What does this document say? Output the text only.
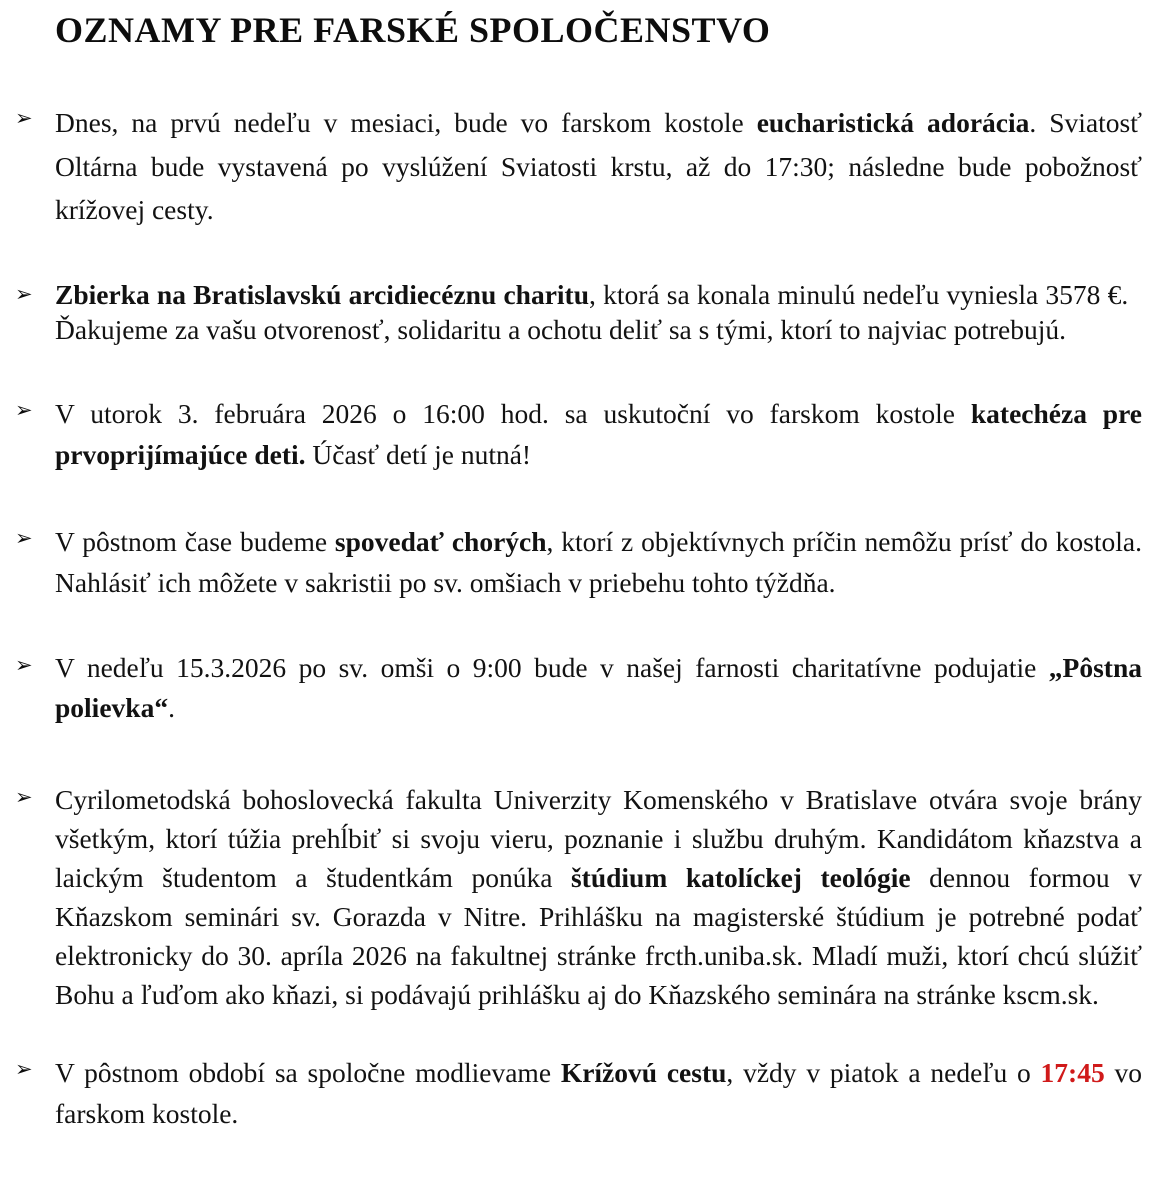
OZNAMY PRE FARSKÉ SPOLOČENSTVO
➢ Dnes, na prvú nedeľu v mesiaci, bude vo farskom kostole eucharistická adorácia. Sviatosť Oltárna bude vystavená po vyslúžení Sviatosti krstu, až do 17:30; následne bude pobožnosť krížovej cesty.
➢ Zbierka na Bratislavskú arcidiecéznu charitu, ktorá sa konala minulú nedeľu vyniesla 3578 €. Ďakujeme za vašu otvorenosť, solidaritu a ochotu deliť sa s tými, ktorí to najviac potrebujú.
➢ V utorok 3. februára 2026 o 16:00 hod. sa uskutoční vo farskom kostole katechéza pre prvoprijímajúce deti. Účasť detí je nutná!
➢ V pôstnom čase budeme spovedať chorých, ktorí z objektívnych príčin nemôžu prísť do kostola. Nahlásiť ich môžete v sakristii po sv. omšiach v priebehu tohto týždňa.
➢ V nedeľu 15.3.2026 po sv. omši o 9:00 bude v našej farnosti charitatívne podujatie „Pôstna polievka“.
➢ Cyrilometodská bohoslovecká fakulta Univerzity Komenského v Bratislave otvára svoje brány všetkým, ktorí túžia prehĺbiť si svoju vieru, poznanie i službu druhým. Kandidátom kňazstva a laickým študentom a študentkám ponúka štúdium katolíckej teológie dennou formou v Kňazskom seminári sv. Gorazda v Nitre. Prihlášku na magisterské štúdium je potrebné podať elektronicky do 30. apríla 2026 na fakultnej stránke frcth.uniba.sk. Mladí muži, ktorí chcú slúžiť Bohu a ľuďom ako kňazi, si podávajú prihlášku aj do Kňazského seminára na stránke kscm.sk.
➢ V pôstnom období sa spoločne modlievame Krížovú cestu, vždy v piatok a nedeľu o 17:45 vo farskom kostole.
